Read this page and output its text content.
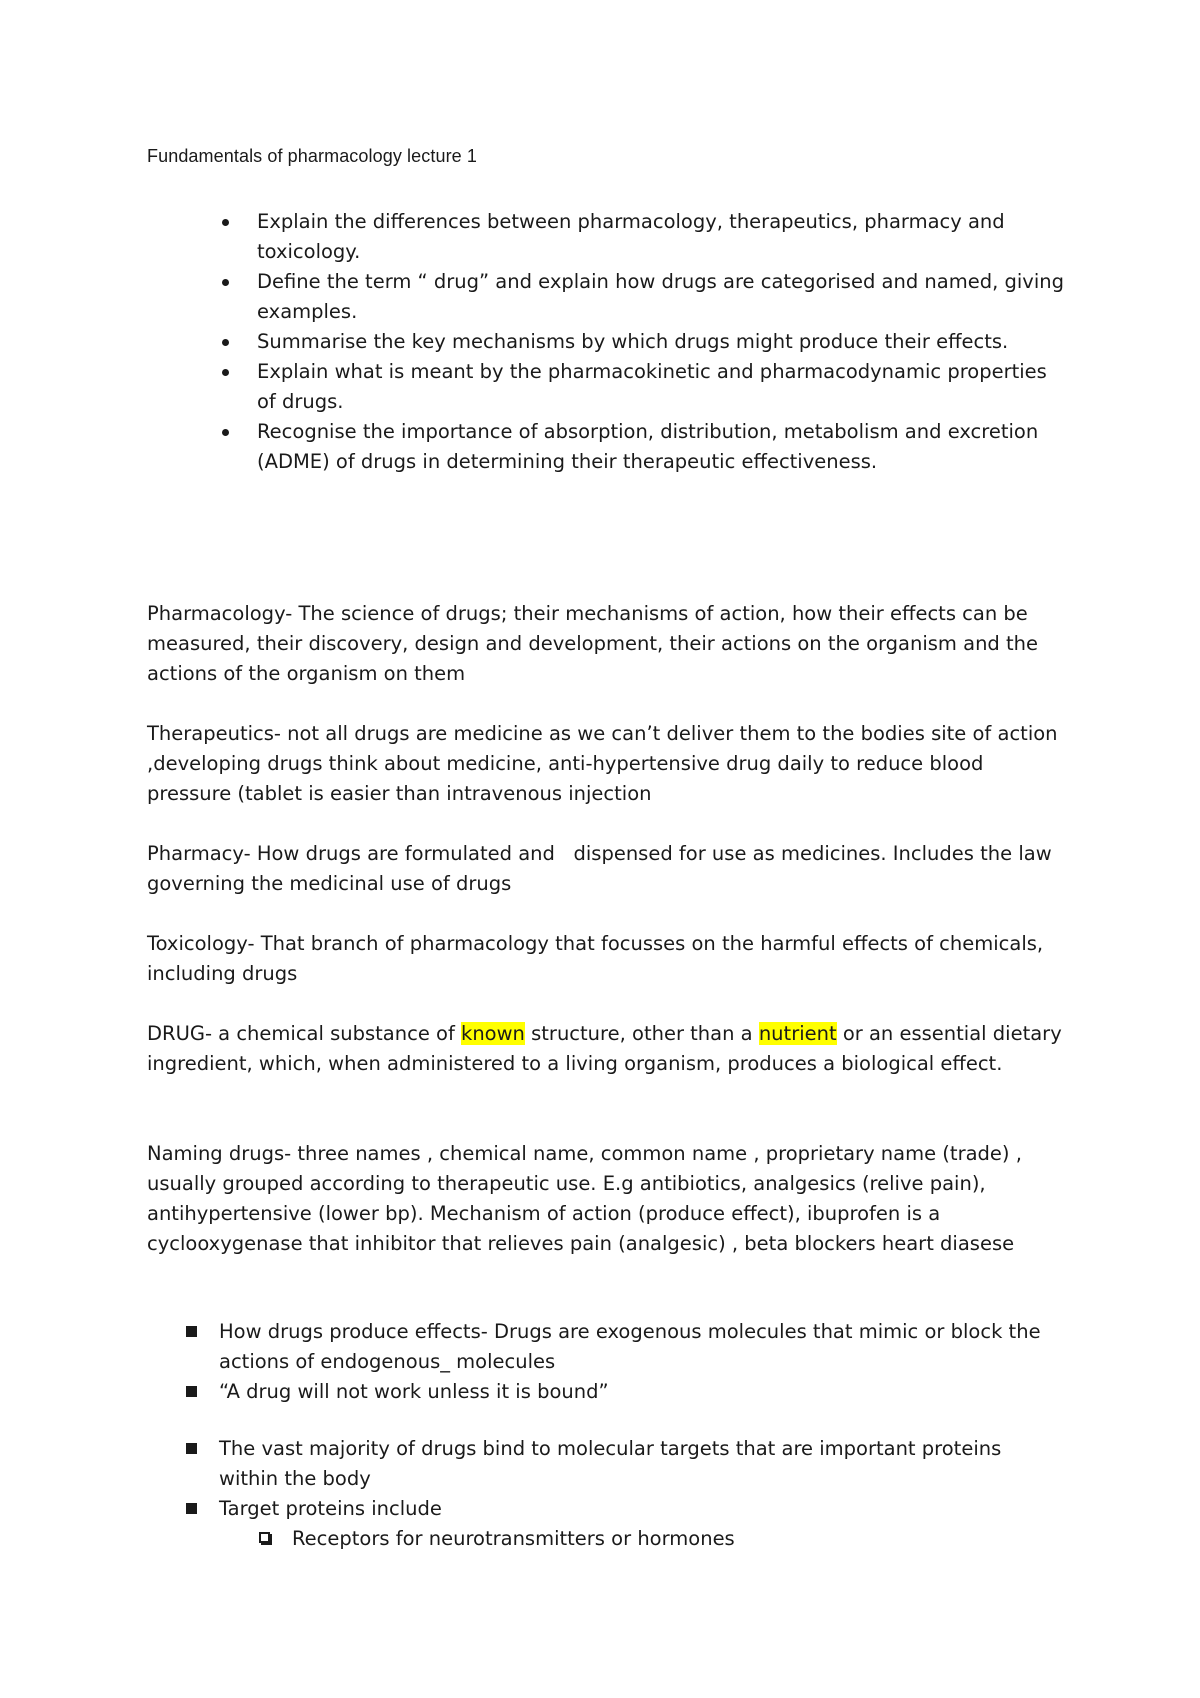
Fundamentals of pharmacology lecture 1
Explain the differences between pharmacology, therapeutics, pharmacy and toxicology.
Define the term “ drug” and explain how drugs are categorised and named, giving examples.
Summarise the key mechanisms by which drugs might produce their effects.
Explain what is meant by the pharmacokinetic and pharmacodynamic properties of drugs.
Recognise the importance of absorption, distribution, metabolism and excretion (ADME) of drugs in determining their therapeutic effectiveness.

Pharmacology- The science of drugs; their mechanisms of action, how their effects can be measured, their discovery, design and development, their actions on the organism and the actions of the organism on them

Therapeutics- not all drugs are medicine as we can’t deliver them to the bodies site of action ,developing drugs think about medicine, anti-hypertensive drug daily to reduce blood pressure (tablet is easier than intravenous injection

Pharmacy- How drugs are formulated and   dispensed for use as medicines. Includes the law governing the medicinal use of drugs

Toxicology- That branch of pharmacology that focusses on the harmful effects of chemicals, including drugs

DRUG- a chemical substance of known structure, other than a nutrient or an essential dietary ingredient, which, when administered to a living organism, produces a biological effect.

Naming drugs- three names , chemical name, common name , proprietary name (trade) , usually grouped according to therapeutic use. E.g antibiotics, analgesics (relive pain), antihypertensive (lower bp). Mechanism of action (produce effect), ibuprofen is a cyclooxygenase that inhibitor that relieves pain (analgesic) , beta blockers heart diasese

How drugs produce effects- Drugs are exogenous molecules that mimic or block the actions of endogenous_ molecules
“A drug will not work unless it is bound”
The vast majority of drugs bind to molecular targets that are important proteins within the body
Target proteins include
Receptors for neurotransmitters or hormones
